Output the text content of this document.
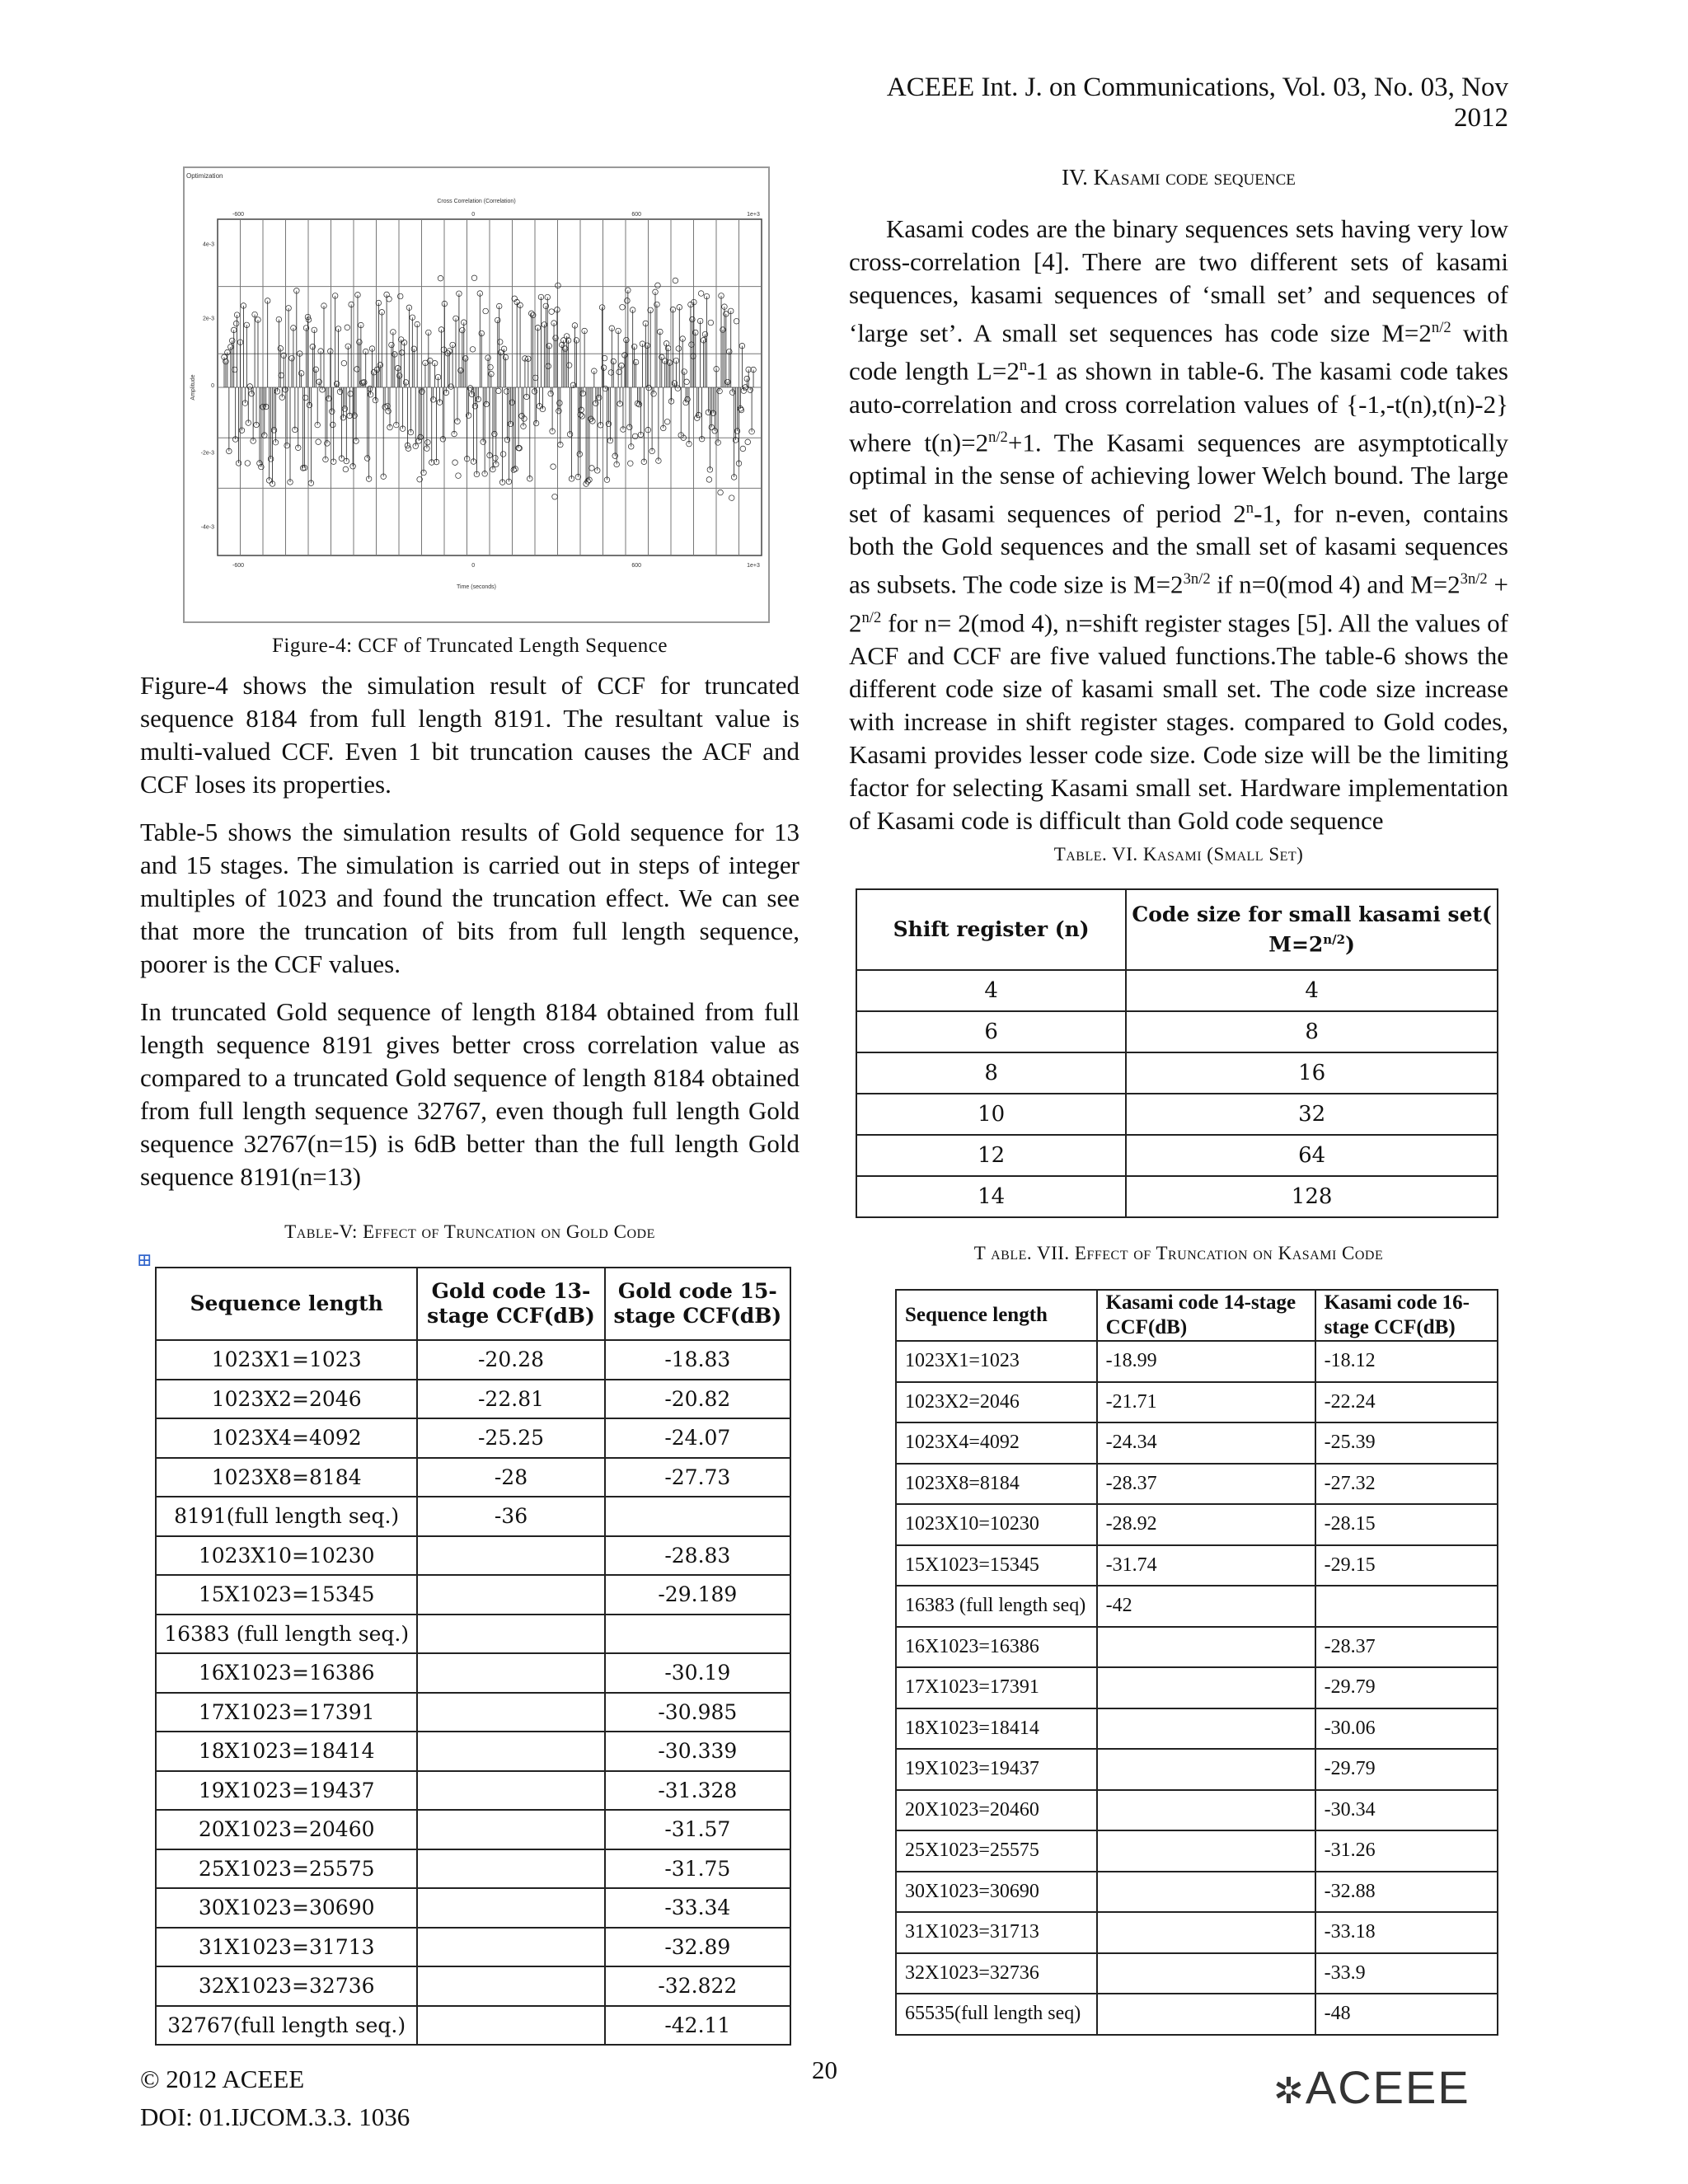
ACEEE Int. J. on Communications, Vol. 03, No. 03, Nov 2012
Optimization
Cross Correlation (Correlation)
-600	0	600	1e+3
-600	0	600	1e+3
4e-3
2e-3
0
-2e-3
-4e-3
Time (seconds)
Amplitude
Figure-4: CCF of Truncated Length Sequence

Figure-4 shows the simulation result of CCF for truncated sequence 8184 from full length 8191. The resultant value is multi-valued CCF. Even 1 bit truncation causes the ACF and CCF loses its properties.

Table-5 shows the simulation results of Gold sequence for 13 and 15 stages. The simulation is carried out in steps of integer multiples of 1023 and found the truncation effect. We can see that more the truncation of bits from full length sequence, poorer is the CCF values.

In truncated Gold sequence of length 8184 obtained from full length sequence 8191 gives better cross correlation value as compared to a truncated Gold sequence of length 8184 obtained from full length sequence 32767, even though full length Gold sequence 32767(n=15) is 6dB better than the full length Gold sequence 8191(n=13)

Table-V: Effect of Truncation on Gold Code
⊞
Sequence length	Gold code 13-stage CCF(dB)	Gold code 15-stage CCF(dB)
1023X1=1023	-20.28	-18.83
1023X2=2046	-22.81	-20.82
1023X4=4092	-25.25	-24.07
1023X8=8184	-28	-27.73
8191(full length seq.)	-36	
1023X10=10230		-28.83
15X1023=15345		-29.189
16383 (full length seq.)		
16X1023=16386		-30.19
17X1023=17391		-30.985
18X1023=18414		-30.339
19X1023=19437		-31.328
20X1023=20460		-31.57
25X1023=25575		-31.75
30X1023=30690		-33.34
31X1023=31713		-32.89
32X1023=32736		-32.822
32767(full length seq.)		-42.11
IV. Kasami code sequence

Kasami codes are the binary sequences sets having very low cross-correlation [4]. There are two different sets of kasami sequences, kasami sequences of ‘small set’ and sequences of ‘large set’. A small set sequences has code size $M=2^{n/2}$ with code length $L=2^n-1$ as shown in table-6. The kasami code takes auto-correlation and cross correlation values of {-1,-t(n),t(n)-2} where $t(n)=2^{n/2}+1$. The Kasami sequences are asymptotically optimal in the sense of achieving lower Welch bound. The large set of kasami sequences of period 2$^n$-1, for n-even, contains both the Gold sequences and the small set of kasami sequences as subsets. The code size is $M=2^{3n/2}$ if n=0(mod 4) and $M=2^{3n/2} + 2^{n/2}$ for n= 2(mod 4), n=shift register stages [5]. All the values of ACF and CCF are five valued functions.The table-6 shows the different code size of kasami small set. The code size increase with increase in shift register stages. compared to Gold codes, Kasami provides lesser code size. Code size will be the limiting factor for selecting Kasami small set. Hardware implementation of Kasami code is difficult than Gold code sequence

Table. VI. Kasami (Small Set)
Shift register (n)	Code size for small kasami set( $M=2^{n/2}$)
4	4
6	8
8	16
10	32
12	64
14	128
T able. VII. Effect of Truncation on Kasami Code
Sequence length	Kasami code 14-stage CCF(dB)	Kasami code 16-stage CCF(dB)
1023X1=1023	-18.99	-18.12
1023X2=2046	-21.71	-22.24
1023X4=4092	-24.34	-25.39
1023X8=8184	-28.37	-27.32
1023X10=10230	-28.92	-28.15
15X1023=15345	-31.74	-29.15
16383 (full length seq)	-42	
16X1023=16386		-28.37
17X1023=17391		-29.79
18X1023=18414		-30.06
19X1023=19437		-29.79
20X1023=20460		-30.34
25X1023=25575		-31.26
30X1023=30690		-32.88
31X1023=31713		-33.18
32X1023=32736		-33.9
65535(full length seq)		-48
© 2012 ACEEE
DOI: 01.IJCOM.3.3. 1036
20
✲ACEEE
